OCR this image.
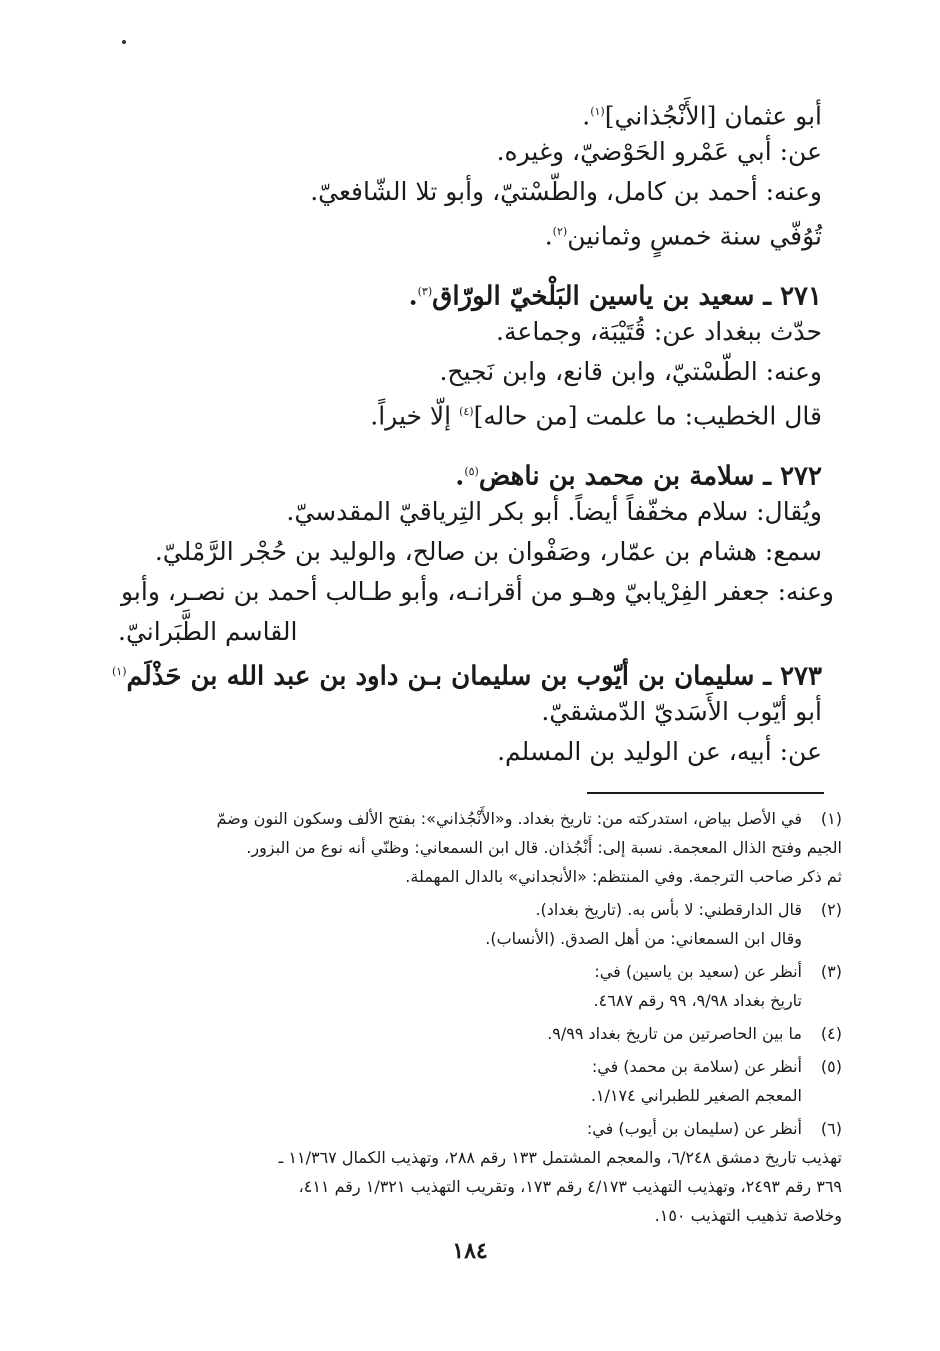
أبو عثمان [الأَنْجُذاني]$^{(١)}$.
عن: أبي عَمْرو الحَوْضيّ، وغيره.
وعنه: أحمد بن كامل، والطّسْتيّ، وأبو تلا الشّافعيّ.
تُوُفّي سنة خمسٍ وثمانين$^{(٢)}$.
٢٧١ ـ سعيد بن ياسين البَلْخيّ الورّاق$^{(٣)}$.
حدّث ببغداد عن: قُتَيْبَة، وجماعة.
وعنه: الطّسْتيّ، وابن قانع، وابن نَجيح.
قال الخطيب: ما علمت [من حاله]$^{(٤)}$ إلّا خيراً.
٢٧٢ ـ سلامة بن محمد بن ناهض$^{(٥)}$.
ويُقال: سلام مخفّفاً أيضاً. أبو بكر التِرياقيّ المقدسيّ.
سمع: هشام بن عمّار، وصَفْوان بن صالح، والوليد بن حُجْر الرَّمْليّ.
وعنه: جعفر الفِرْيابيّ وهـو من أقرانـه، وأبو طـالب أحمد بن نصـر، وأبو
القاسم الطَّبَرانيّ.
٢٧٣ ـ سليمان بن أيّوب بن سليمان بـن داود بن عبد الله بن حَذْلَم$^{(١)}$
أبو أيّوب الأَسَديّ الدّمشقيّ.
عن: أبيه، عن الوليد بن المسلم.
(١)
في الأصل بياض، استدركته من: تاريخ بغداد. و«الأَنْجُذاني»: بفتح الألف وسكون النون وضمّ
الجيم وفتح الذال المعجمة. نسبة إلى: أَنْجُذان. قال ابن السمعاني: وظنّي أنه نوع من البزور.
ثم ذكر صاحب الترجمة. وفي المنتظم: «الأنجداني» بالدال المهملة.
(٢)
قال الدارقطني: لا بأس به. (تاريخ بغداد).
وقال ابن السمعاني: من أهل الصدق. (الأنساب).
(٣)
أنظر عن (سعيد بن ياسين) في:
تاريخ بغداد ٩/٩٨، ٩٩ رقم ٤٦٨٧.
(٤)
ما بين الحاصرتين من تاريخ بغداد ٩/٩٩.
(٥)
أنظر عن (سلامة بن محمد) في:
المعجم الصغير للطبراني ١/١٧٤.
(٦)
أنظر عن (سليمان بن أيوب) في:
تهذيب تاريخ دمشق ٦/٢٤٨، والمعجم المشتمل ١٣٣ رقم ٢٨٨، وتهذيب الكمال ١١/٣٦٧ ـ
٣٦٩ رقم ٢٤٩٣، وتهذيب التهذيب ٤/١٧٣ رقم ١٧٣، وتقريب التهذيب ١/٣٢١ رقم ٤١١،
وخلاصة تذهيب التهذيب ١٥٠.
١٨٤
